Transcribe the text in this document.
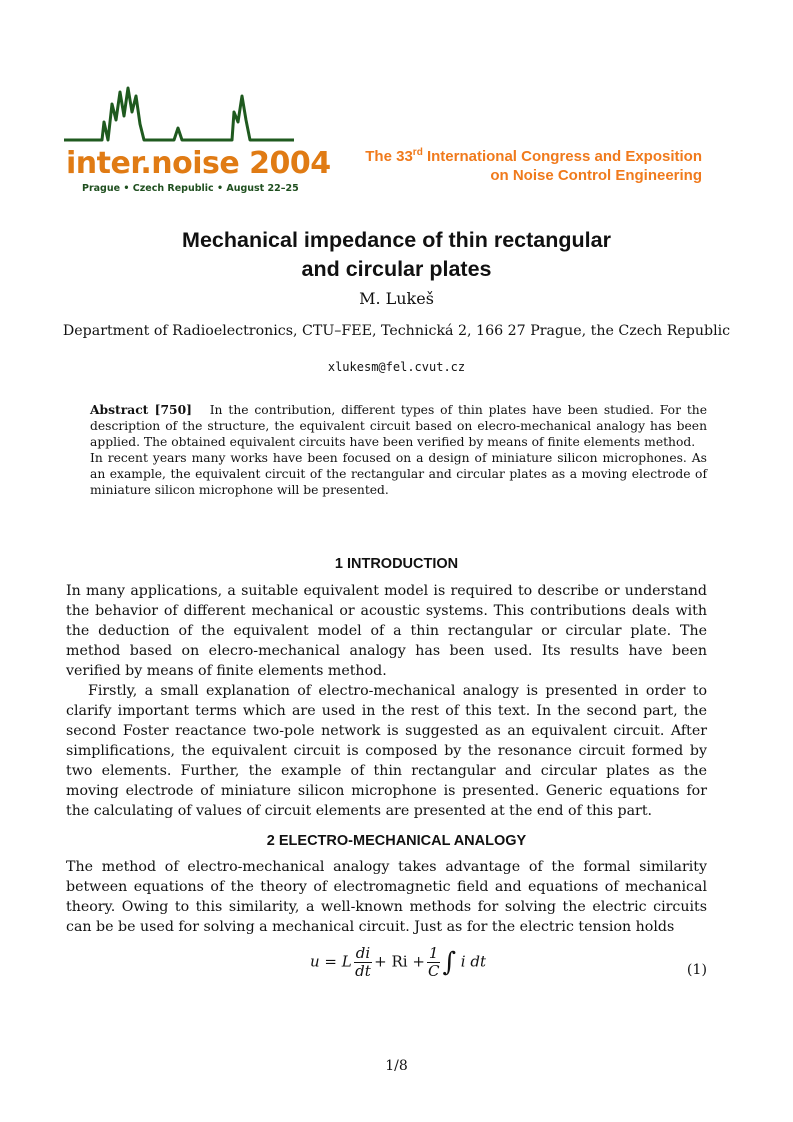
inter.noise 2004
Prague • Czech Republic • August 22–25
The 33rd International Congress and Exposition
on Noise Control Engineering
Mechanical impedance of thin rectangular
and circular plates
M. Lukeš
Department of Radioelectronics, CTU–FEE, Technická 2, 166 27 Prague, the Czech Republic
xlukesm@fel.cvut.cz
Abstract [750] In the contribution, different types of thin plates have been studied. For the description of the structure, the equivalent circuit based on elecro-mechanical analogy has been applied. The obtained equivalent circuits have been verified by means of finite elements method.
In recent years many works have been focused on a design of miniature silicon microphones. As an example, the equivalent circuit of the rectangular and circular plates as a moving electrode of miniature silicon microphone will be presented.
1 INTRODUCTION

In many applications, a suitable equivalent model is required to describe or understand the behavior of different mechanical or acoustic systems. This contributions deals with the deduction of the equivalent model of a thin rectangular or circular plate. The method based on elecro-mechanical analogy has been used. Its results have been verified by means of finite elements method.

Firstly, a small explanation of electro-mechanical analogy is presented in order to clarify important terms which are used in the rest of this text. In the second part, the second Foster reactance two-pole network is suggested as an equivalent circuit. After simplifications, the equivalent circuit is composed by the resonance circuit formed by two elements. Further, the example of thin rectangular and circular plates as the moving electrode of miniature silicon microphone is presented. Generic equations for the calculating of values of circuit elements are presented at the end of this part.

2 ELECTRO-MECHANICAL ANALOGY

The method of electro-mechanical analogy takes advantage of the formal similarity between equations of the theory of electromagnetic field and equations of mechanical theory. Owing to this similarity, a well-known methods for solving the electric circuits can be be used for solving a mechanical circuit. Just as for the electric tension holds

u = L $\frac{di}{dt} + Ri + \frac{1}{C}$ ∫ i dt	(1)
1/8
